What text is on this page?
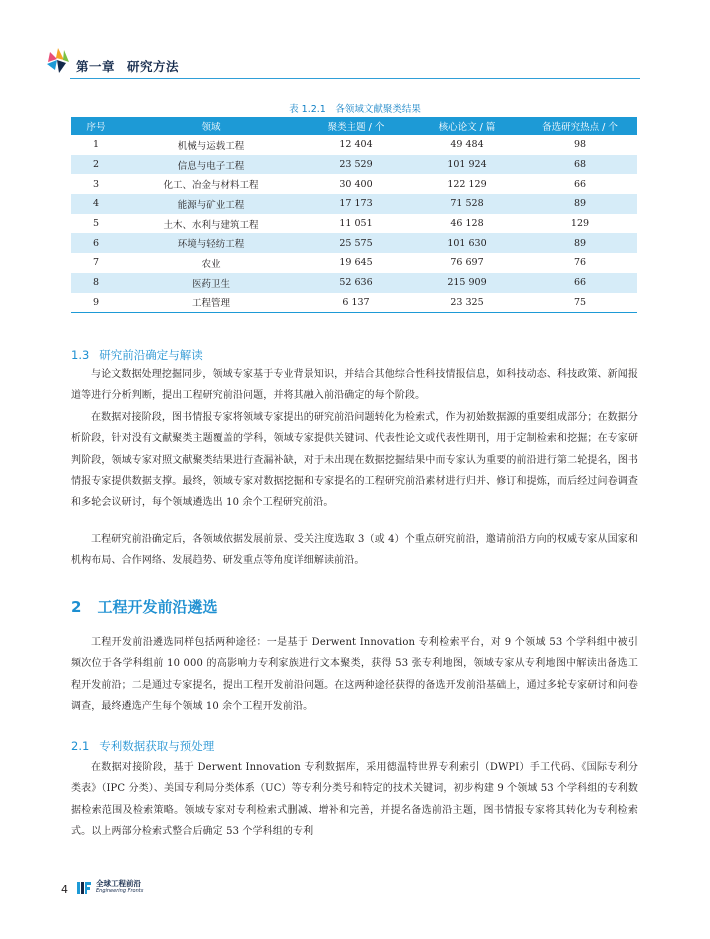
第一章 研究方法
表 1.2.1　各领域文献聚类结果
序号	领域	聚类主题 / 个	核心论文 / 篇	备选研究热点 / 个
1	机械与运载工程	12 404	49 484	98
2	信息与电子工程	23 529	101 924	68
3	化工、冶金与材料工程	30 400	122 129	66
4	能源与矿业工程	17 173	71 528	89
5	土木、水利与建筑工程	11 051	46 128	129
6	环境与轻纺工程	25 575	101 630	89
7	农业	19 645	76 697	76
8	医药卫生	52 636	215 909	66
9	工程管理	6 137	23 325	75
1.3 研究前沿确定与解读

与论文数据处理挖掘同步，领域专家基于专业背景知识，并结合其他综合性科技情报信息，如科技动态、科技政策、新闻报道等进行分析判断，提出工程研究前沿问题，并将其融入前沿确定的每个阶段。

在数据对接阶段，图书情报专家将领域专家提出的研究前沿问题转化为检索式，作为初始数据源的重要组成部分；在数据分析阶段，针对没有文献聚类主题覆盖的学科，领域专家提供关键词、代表性论文或代表性期刊，用于定制检索和挖掘；在专家研判阶段，领域专家对照文献聚类结果进行查漏补缺，对于未出现在数据挖掘结果中而专家认为重要的前沿进行第二轮提名，图书情报专家提供数据支撑。最终，领域专家对数据挖掘和专家提名的工程研究前沿素材进行归并、修订和提炼，而后经过问卷调查和多轮会议研讨，每个领域遴选出 10 余个工程研究前沿。

工程研究前沿确定后，各领域依据发展前景、受关注度选取 3（或 4）个重点研究前沿，邀请前沿方向的权威专家从国家和机构布局、合作网络、发展趋势、研发重点等角度详细解读前沿。

2 工程开发前沿遴选

工程开发前沿遴选同样包括两种途径：一是基于 Derwent Innovation 专利检索平台，对 9 个领域 53 个学科组中被引频次位于各学科组前 10 000 的高影响力专利家族进行文本聚类，获得 53 张专利地图，领域专家从专利地图中解读出备选工程开发前沿；二是通过专家提名，提出工程开发前沿问题。在这两种途径获得的备选开发前沿基础上，通过多轮专家研讨和问卷调查，最终遴选产生每个领域 10 余个工程开发前沿。

2.1 专利数据获取与预处理

在数据对接阶段，基于 Derwent Innovation 专利数据库，采用德温特世界专利索引（DWPI）手工代码、《国际专利分类表》（IPC 分类）、美国专利局分类体系（UC）等专利分类号和特定的技术关键词，初步构建 9 个领域 53 个学科组的专利数据检索范围及检索策略。领域专家对专利检索式删减、增补和完善，并提名备选前沿主题，图书情报专家将其转化为专利检索式。以上两部分检索式整合后确定 53 个学科组的专利

4	全球工程前沿
Engineering Fronts
